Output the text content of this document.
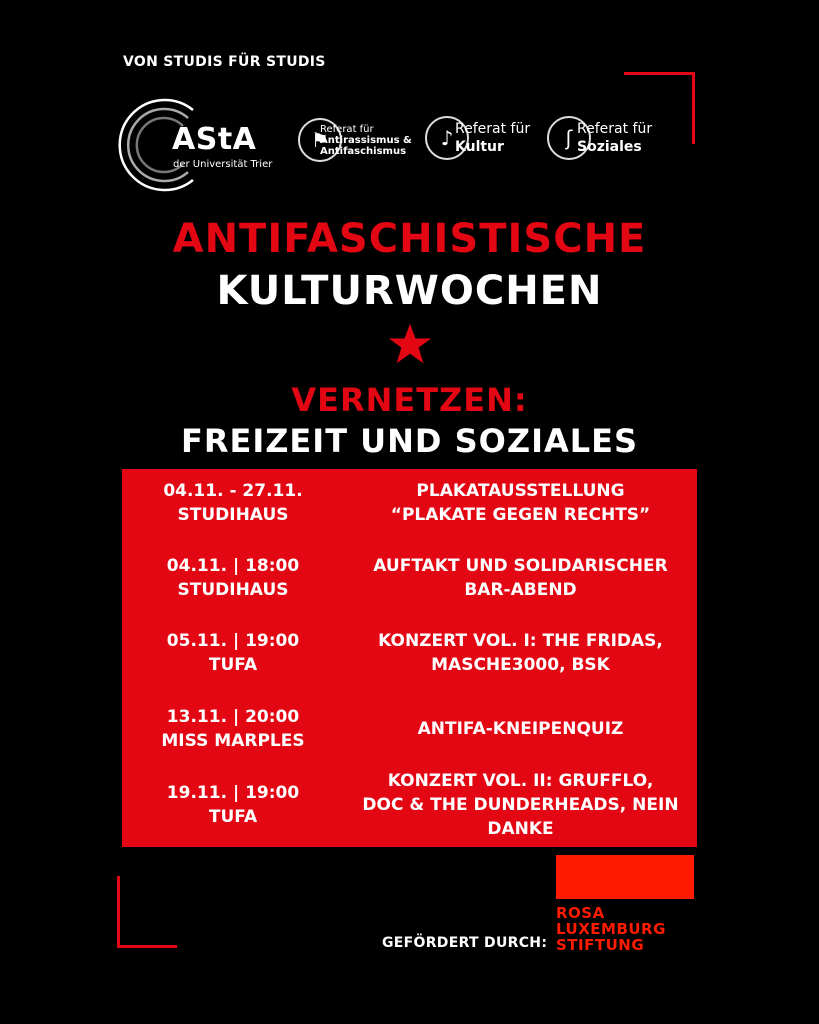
VON STUDIS FÜR STUDIS
AStA
der Universität Trier
⚑
Referat für
Antirassismus &
Antifaschismus
♪ Referat für
Kultur	ʃ Referat für
Soziales
ANTIFASCHISTISCHE
KULTURWOCHEN
VERNETZEN:
FREIZEIT UND SOZIALES
04.11. - 27.11.
STUDIHAUS
PLAKATAUSSTELLUNG
“PLAKATE GEGEN RECHTS”
04.11. | 18:00
STUDIHAUS
AUFTAKT UND SOLIDARISCHER
BAR-ABEND
05.11. | 19:00
TUFA
KONZERT VOL. I: THE FRIDAS,
MASCHE3000, BSK
13.11. | 20:00
MISS MARPLES
ANTIFA-KNEIPENQUIZ
19.11. | 19:00
TUFA
KONZERT VOL. II: GRUFFLO,
DOC & THE DUNDERHEADS, NEIN
DANKE
GEFÖRDERT DURCH:
ROSA
LUXEMBURG
STIFTUNG
